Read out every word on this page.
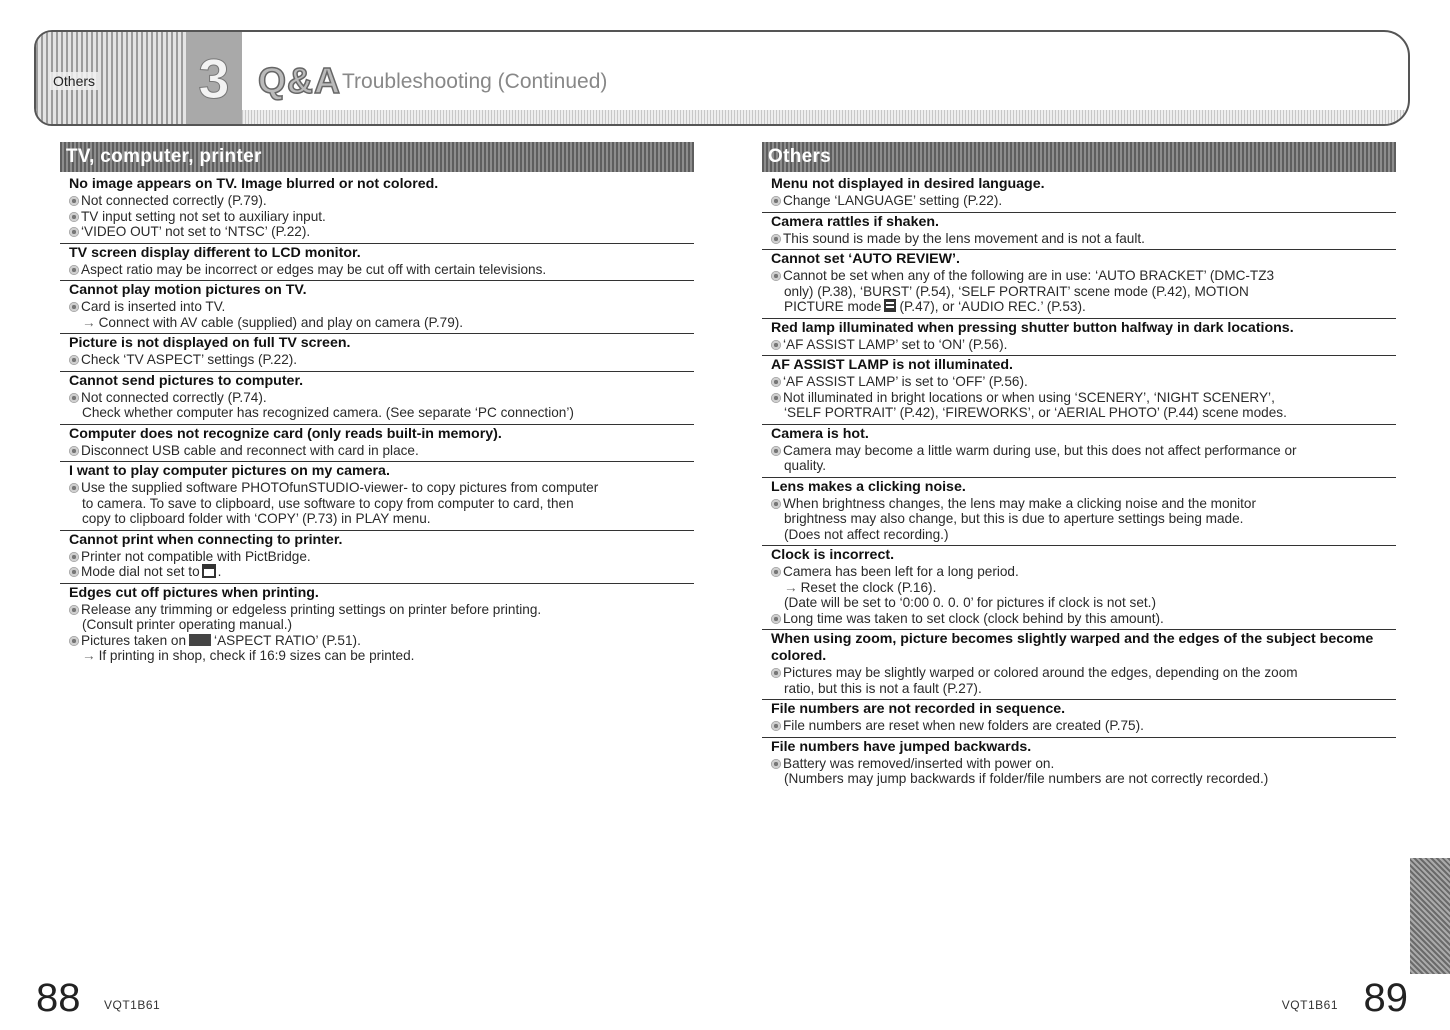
Others 3 Q&A Troubleshooting (Continued)
TV, computer, printer
No image appears on TV. Image blurred or not colored.
Not connected correctly (P.79).
TV input setting not set to auxiliary input.
‘VIDEO OUT’ not set to ‘NTSC’ (P.22).
TV screen display different to LCD monitor.
Aspect ratio may be incorrect or edges may be cut off with certain televisions.
Cannot play motion pictures on TV.
Card is inserted into TV.
→ Connect with AV cable (supplied) and play on camera (P.79).
Picture is not displayed on full TV screen.
Check ‘TV ASPECT’ settings (P.22).
Cannot send pictures to computer.
Not connected correctly (P.74).
Check whether computer has recognized camera. (See separate ‘PC connection’)
Computer does not recognize card (only reads built-in memory).
Disconnect USB cable and reconnect with card in place.
I want to play computer pictures on my camera.
Use the supplied software PHOTOfunSTUDIO-viewer- to copy pictures from computer
to camera. To save to clipboard, use software to copy from computer to card, then
copy to clipboard folder with ‘COPY’ (P.73) in PLAY menu.
Cannot print when connecting to printer.
Printer not compatible with PictBridge.
Mode dial not set to .
Edges cut off pictures when printing.
Release any trimming or edgeless printing settings on printer before printing.
(Consult printer operating manual.)
Pictures taken on ‘ASPECT RATIO’ (P.51).
→ If printing in shop, check if 16:9 sizes can be printed.
Others
Menu not displayed in desired language.
Change ‘LANGUAGE’ setting (P.22).
Camera rattles if shaken.
This sound is made by the lens movement and is not a fault.
Cannot set ‘AUTO REVIEW’.
Cannot be set when any of the following are in use: ‘AUTO BRACKET’ (DMC-TZ3
only) (P.38), ‘BURST’ (P.54), ‘SELF PORTRAIT’ scene mode (P.42), MOTION
PICTURE mode (P.47), or ‘AUDIO REC.’ (P.53).
Red lamp illuminated when pressing shutter button halfway in dark locations.
‘AF ASSIST LAMP’ set to ‘ON’ (P.56).
AF ASSIST LAMP is not illuminated.
‘AF ASSIST LAMP’ is set to ‘OFF’ (P.56).
Not illuminated in bright locations or when using ‘SCENERY’, ‘NIGHT SCENERY’,
‘SELF PORTRAIT’ (P.42), ‘FIREWORKS’, or ‘AERIAL PHOTO’ (P.44) scene modes.
Camera is hot.
Camera may become a little warm during use, but this does not affect performance or
quality.
Lens makes a clicking noise.
When brightness changes, the lens may make a clicking noise and the monitor
brightness may also change, but this is due to aperture settings being made.
(Does not affect recording.)
Clock is incorrect.
Camera has been left for a long period.
→ Reset the clock (P.16).
(Date will be set to ‘0:00 0. 0. 0’ for pictures if clock is not set.)
Long time was taken to set clock (clock behind by this amount).
When using zoom, picture becomes slightly warped and the edges of the subject become colored.
Pictures may be slightly warped or colored around the edges, depending on the zoom
ratio, but this is not a fault (P.27).
File numbers are not recorded in sequence.
File numbers are reset when new folders are created (P.75).
File numbers have jumped backwards.
Battery was removed/inserted with power on.
(Numbers may jump backwards if folder/file numbers are not correctly recorded.)
88 VQT1B61	VQT1B61 89
